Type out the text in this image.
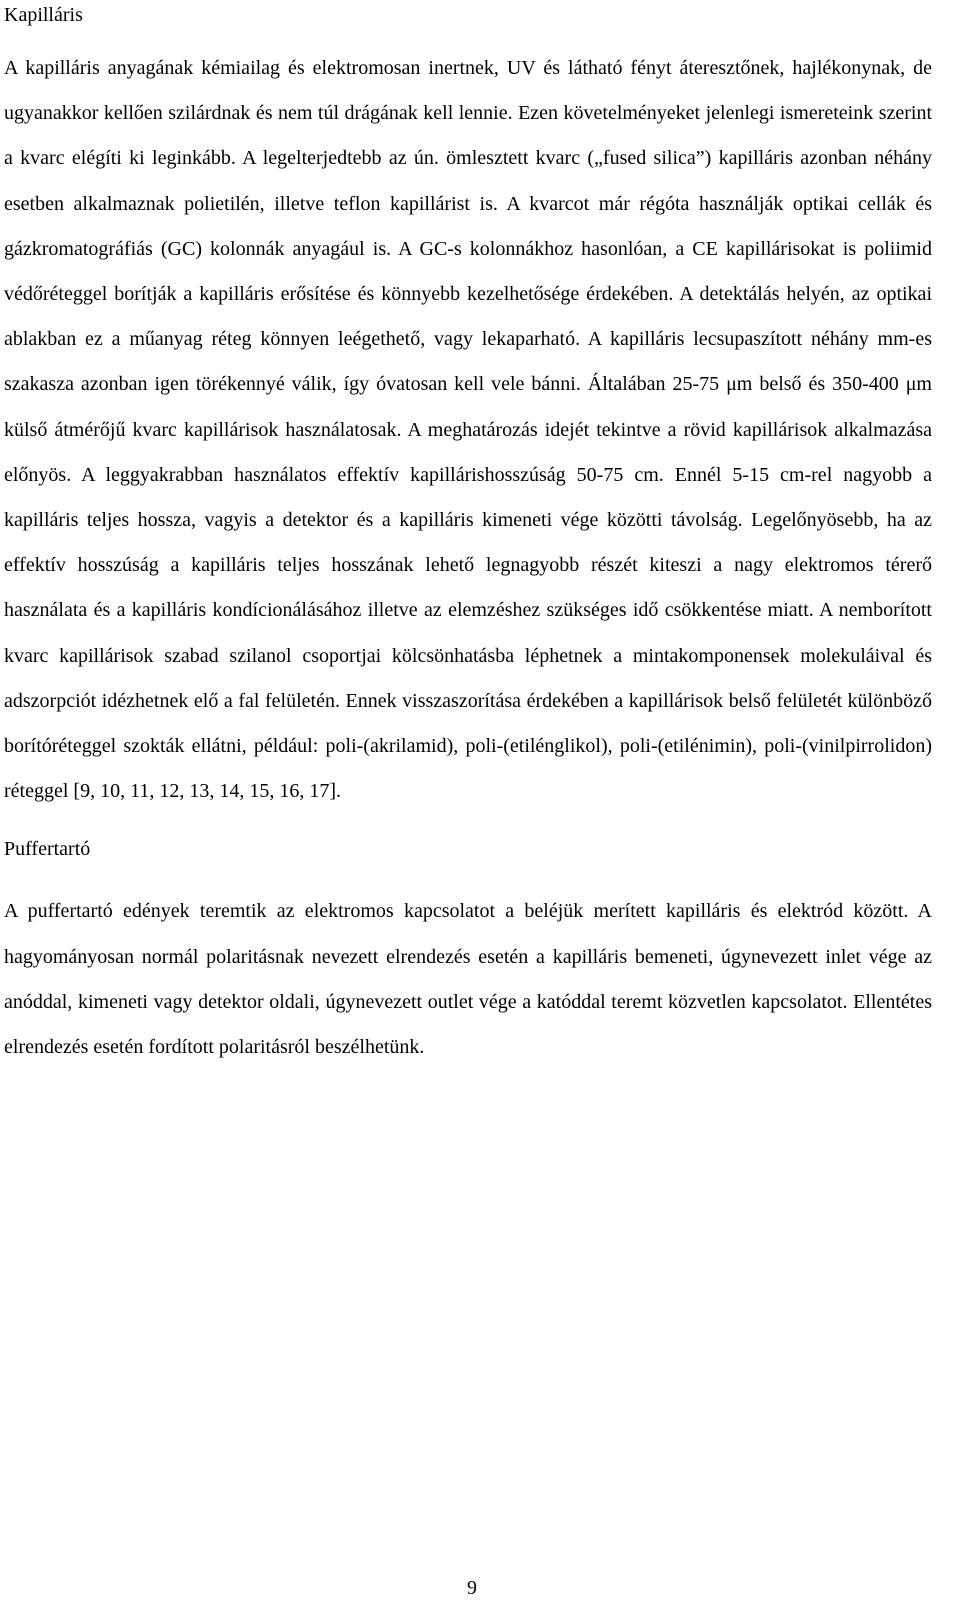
Kapilláris

A kapilláris anyagának kémiailag és elektromosan inertnek, UV és látható fényt áteresztőnek, hajlékonynak, de ugyanakkor kellően szilárdnak és nem túl drágának kell lennie. Ezen követelményeket jelenlegi ismereteink szerint a kvarc elégíti ki leginkább. A legelterjedtebb az ún. ömlesztett kvarc („fused silica”) kapilláris azonban néhány esetben alkalmaznak polietilén, illetve teflon kapillárist is. A kvarcot már régóta használják optikai cellák és gázkromatográfiás (GC) kolonnák anyagául is. A GC-s kolonnákhoz hasonlóan, a CE kapillárisokat is poliimid védőréteggel borítják a kapilláris erősítése és könnyebb kezelhetősége érdekében. A detektálás helyén, az optikai ablakban ez a műanyag réteg könnyen leégethető, vagy lekaparható. A kapilláris lecsupaszított néhány mm-es szakasza azonban igen törékennyé válik, így óvatosan kell vele bánni. Általában 25-75 μm belső és 350-400 μm külső átmérőjű kvarc kapillárisok használatosak. A meghatározás idejét tekintve a rövid kapillárisok alkalmazása előnyös. A leggyakrabban használatos effektív kapillárishosszúság 50-75 cm. Ennél 5-15 cm-rel nagyobb a kapilláris teljes hossza, vagyis a detektor és a kapilláris kimeneti vége közötti távolság. Legelőnyösebb, ha az effektív hosszúság a kapilláris teljes hosszának lehető legnagyobb részét kiteszi a nagy elektromos térerő használata és a kapilláris kondícionálásához illetve az elemzéshez szükséges idő csökkentése miatt. A nemborított kvarc kapillárisok szabad szilanol csoportjai kölcsönhatásba léphetnek a mintakomponensek molekuláival és adszorpciót idézhetnek elő a fal felületén. Ennek visszaszorítása érdekében a kapillárisok belső felületét különböző borítóréteggel szokták ellátni, például: poli-(akrilamid), poli-(etilénglikol), poli-(etilénimin), poli-(vinilpirrolidon) réteggel [9, 10, 11, 12, 13, 14, 15, 16, 17].

Puffertartó

A puffertartó edények teremtik az elektromos kapcsolatot a beléjük merített kapilláris és elektród között. A hagyományosan normál polaritásnak nevezett elrendezés esetén a kapilláris bemeneti, úgynevezett inlet vége az anóddal, kimeneti vagy detektor oldali, úgynevezett outlet vége a katóddal teremt közvetlen kapcsolatot. Ellentétes elrendezés esetén fordított polaritásról beszélhetünk.

9
